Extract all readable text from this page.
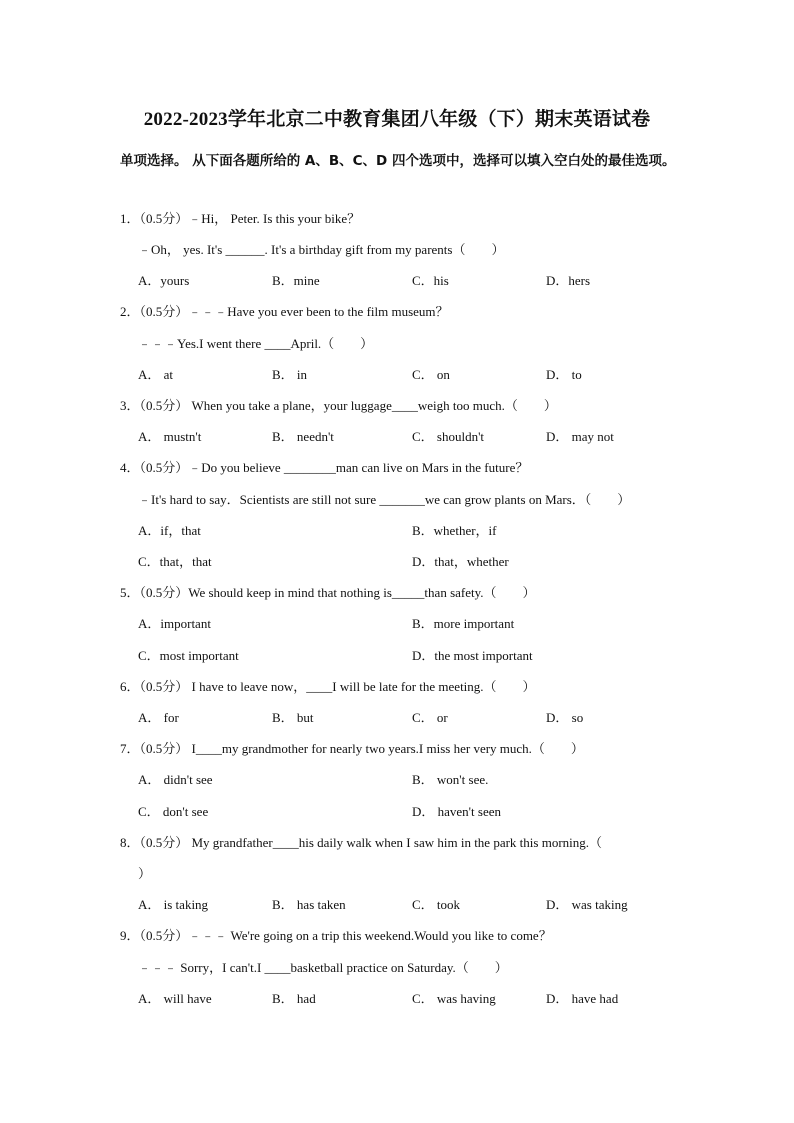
2022-2023学年北京二中教育集团八年级（下）期末英语试卷
单项选择。 从下面各题所给的 A、B、C、D 四个选项中，选择可以填入空白处的最佳选项。
1．（0.5分）﹣Hi， Peter. Is this your bike？
﹣Oh， yes. It's ______. It's a birthday gift from my parents（　　）
A．yours	B．mine	C．his	D．hers
2．（0.5分）﹣﹣﹣Have you ever been to the film museum？
﹣﹣﹣Yes.I went there ____April.（　　）
A． at	B． in	C． on	D． to
3．（0.5分） When you take a plane，your luggage____weigh too much.（　　）
A． mustn't	B． needn't	C． shouldn't	D． may not
4．（0.5分）﹣Do you believe ________man can live on Mars in the future？
﹣It's hard to say．Scientists are still not sure _______we can grow plants on Mars．（　　）
A．if，that	B．whether，if
C．that，that	D．that，whether
5．（0.5分）We should keep in mind that nothing is_____than safety.（　　）
A．important	B．more important
C．most important	D．the most important
6．（0.5分） I have to leave now，____I will be late for the meeting.（　　）
A． for	B． but	C． or	D． so
7．（0.5分） I____my grandmother for nearly two years.I miss her very much.（　　）
A． didn't see	B． won't see.
C． don't see	D． haven't seen
8．（0.5分） My grandfather____his daily walk when I saw him in the park this morning.（
）
A． is taking	B． has taken	C． took	D． was taking
9．（0.5分）﹣﹣﹣ We're going on a trip this weekend.Would you like to come？
﹣﹣﹣ Sorry，I can't.I ____basketball practice on Saturday.（　　）
A． will have	B． had	C． was having	D． have had
